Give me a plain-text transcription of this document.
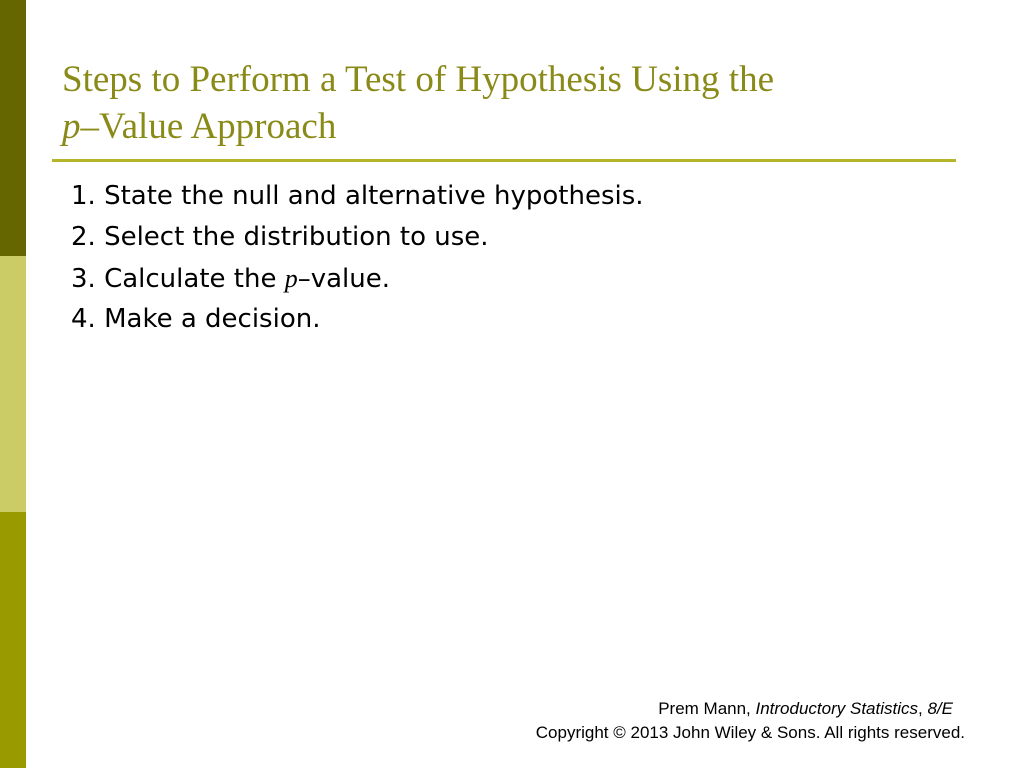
Steps to Perform a Test of Hypothesis Using the
p–Value Approach
1. State the null and alternative hypothesis.
2. Select the distribution to use.
3. Calculate the p–value.
4. Make a decision.
Prem Mann, Introductory Statistics, 8/E
Copyright © 2013 John Wiley & Sons. All rights reserved.
